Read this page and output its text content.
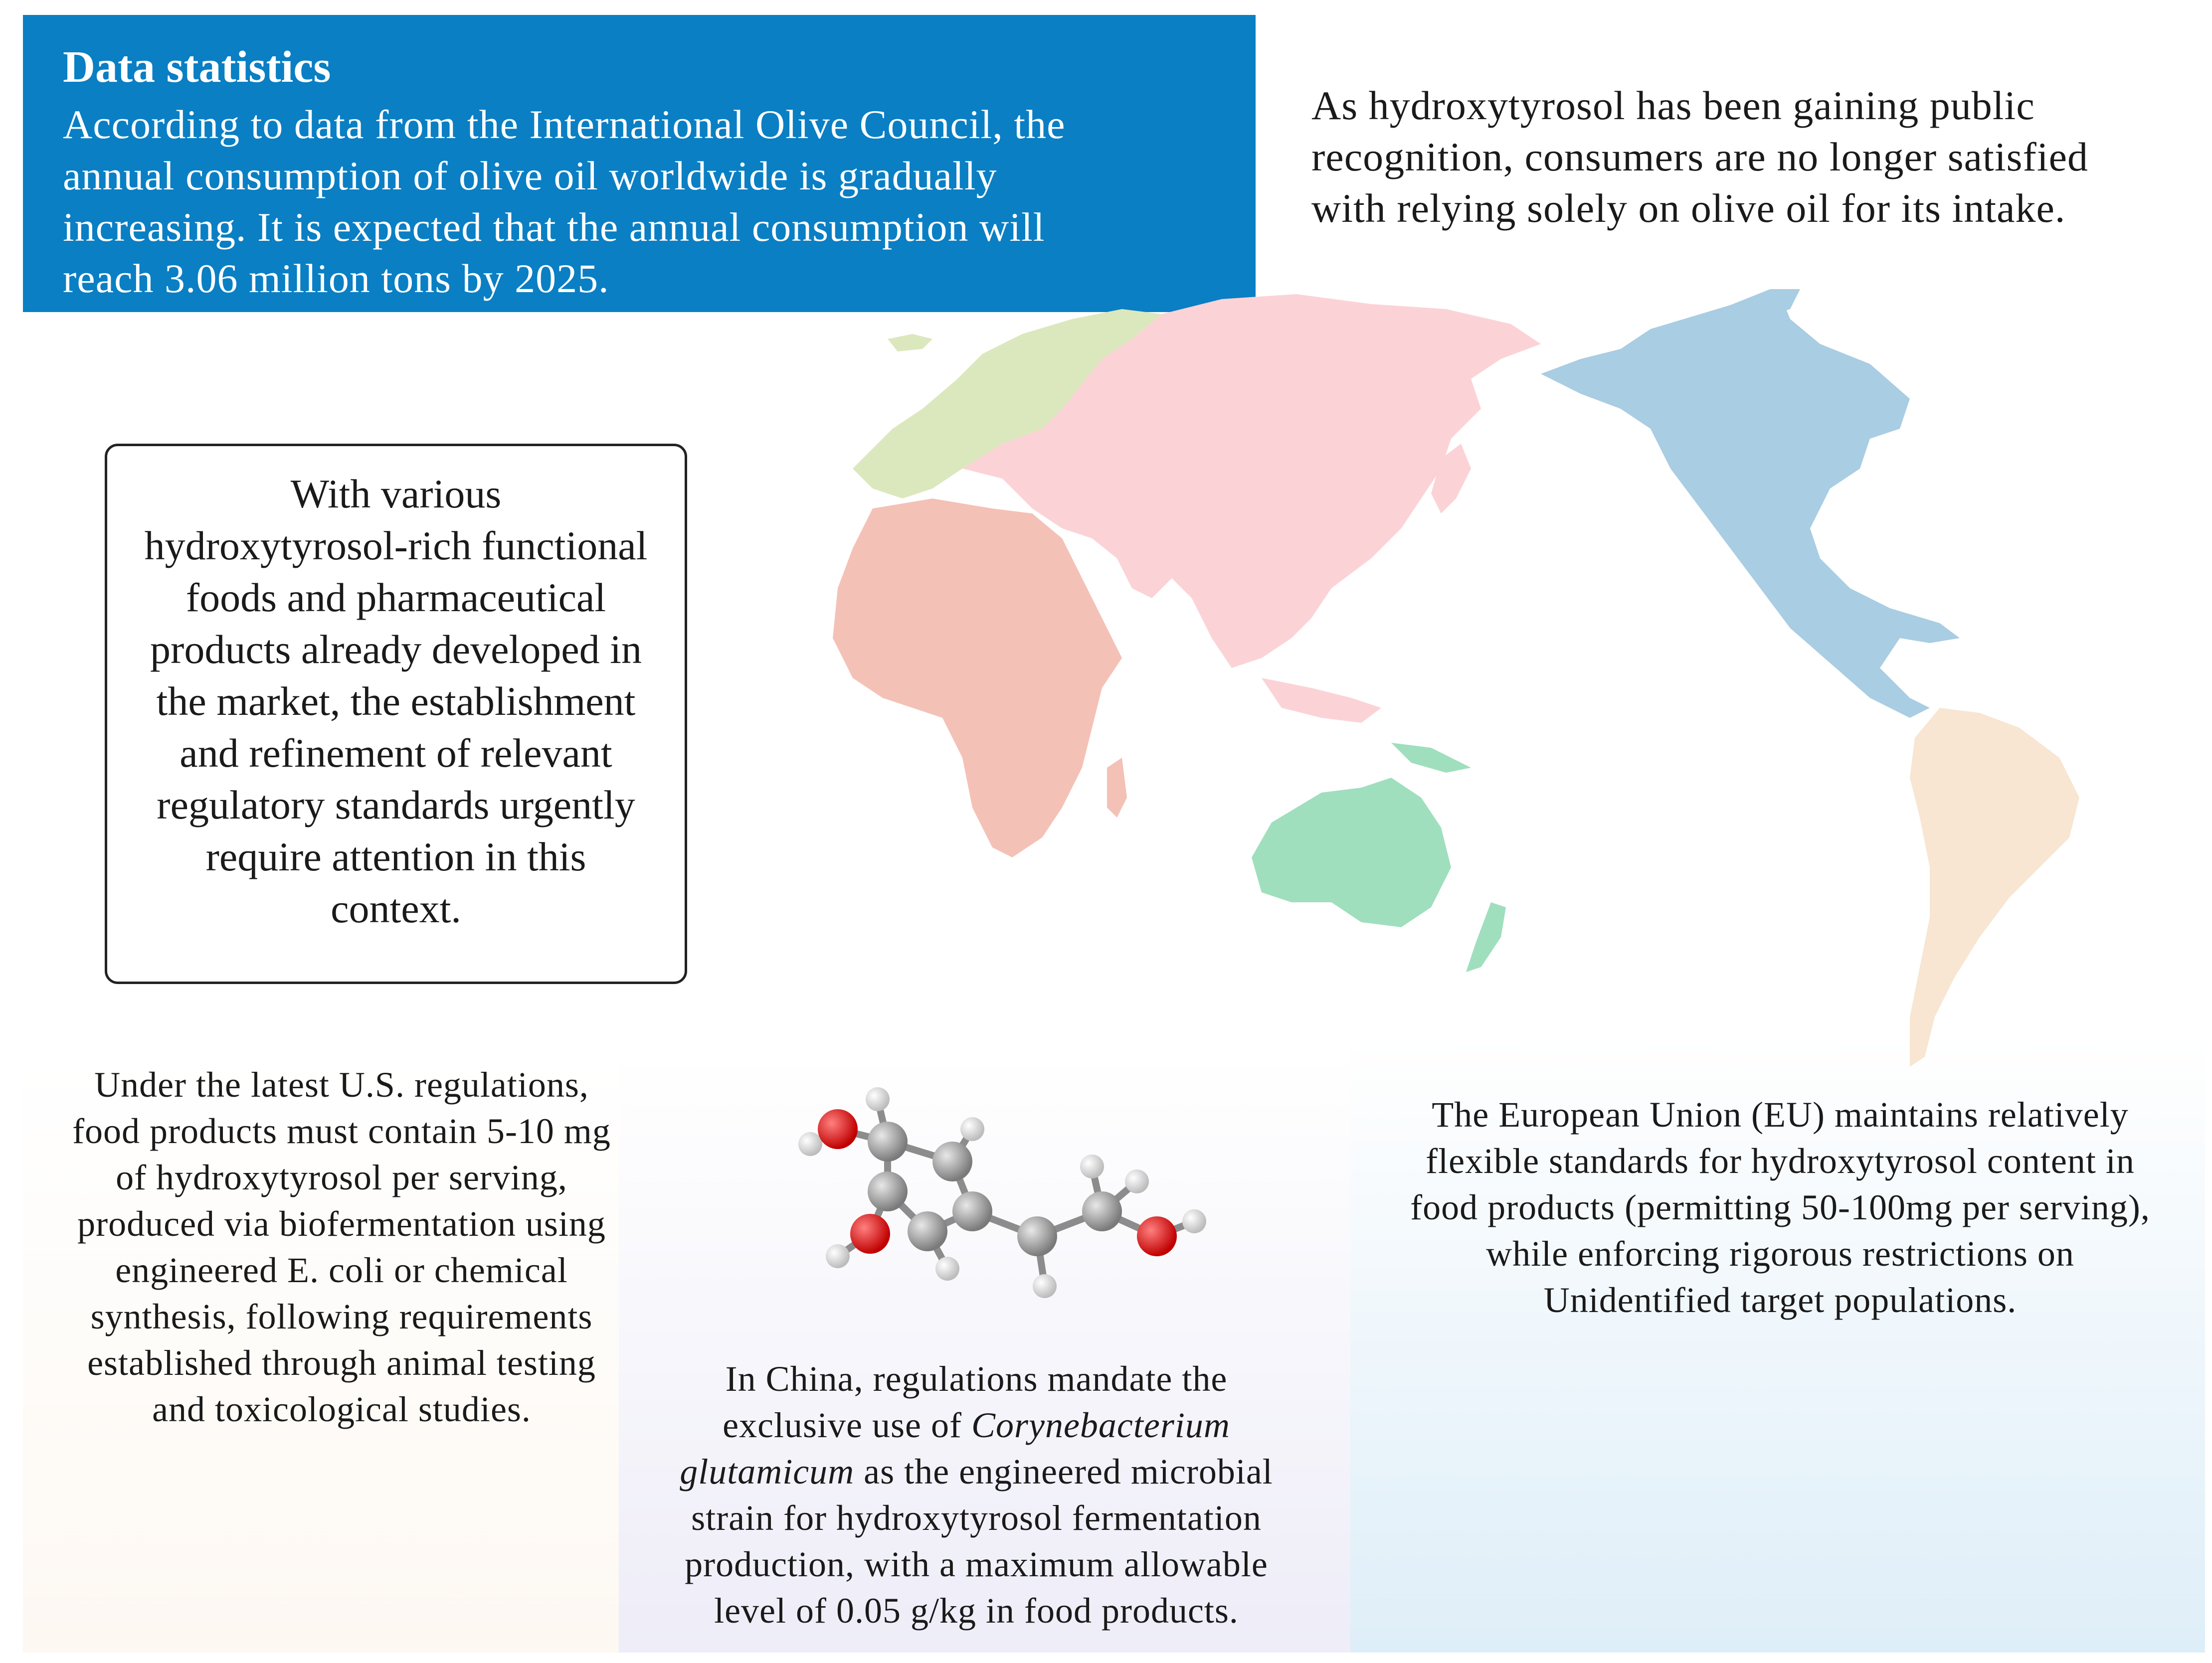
Data statistics
According to data from the International Olive Council, the
annual consumption of olive oil worldwide is gradually
increasing. It is expected that the annual consumption will
reach 3.06 million tons by 2025.
As hydroxytyrosol has been gaining public
recognition, consumers are no longer satisfied
with relying solely on olive oil for its intake.
With various
hydroxytyrosol-rich functional
foods and pharmaceutical
products already developed in
the market, the establishment
and refinement of relevant
regulatory standards urgently
require attention in this
context.
Under the latest U.S. regulations,
food products must contain 5-10 mg
of hydroxytyrosol per serving,
produced via biofermentation using
engineered E. coli or chemical
synthesis, following requirements
established through animal testing
and toxicological studies.
In China, regulations mandate the
exclusive use of Corynebacterium
glutamicum as the engineered microbial
strain for hydroxytyrosol fermentation
production, with a maximum allowable
level of 0.05 g/kg in food products.
The European Union (EU) maintains relatively
flexible standards for hydroxytyrosol content in
food products (permitting 50-100mg per serving),
while enforcing rigorous restrictions on
Unidentified target populations.
